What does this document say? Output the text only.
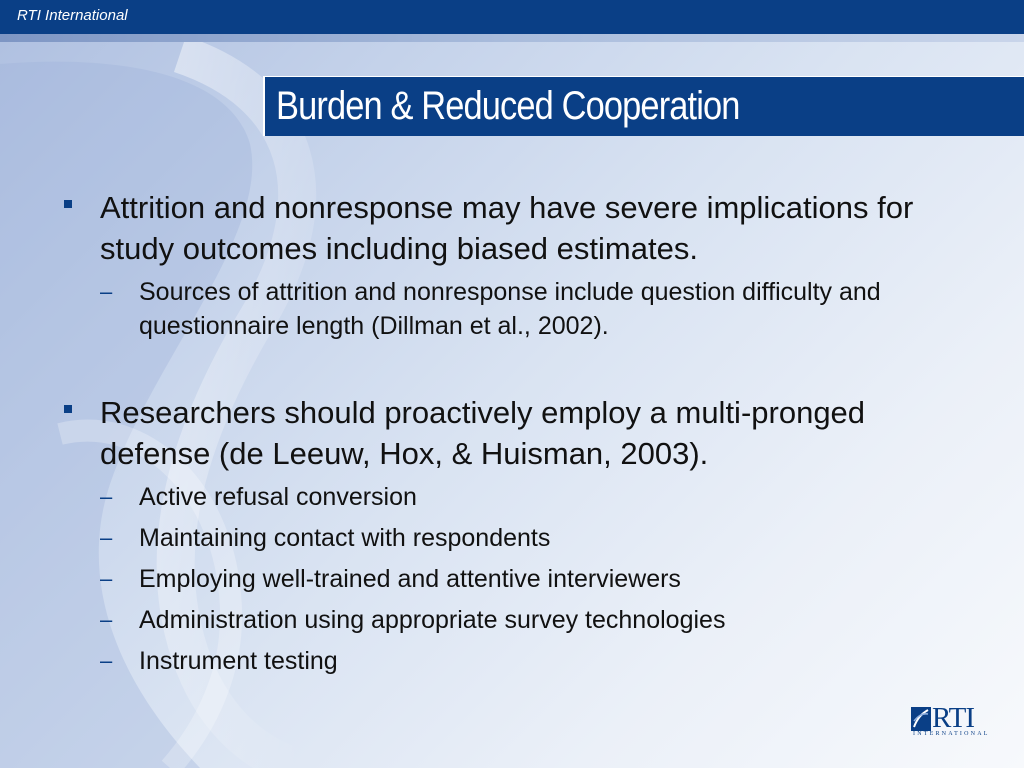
RTI International
Burden & Reduced Cooperation
Attrition and nonresponse may have severe implications for study outcomes including biased estimates.
– Sources of attrition and nonresponse include question difficulty and questionnaire length (Dillman et al., 2002).
Researchers should proactively employ a multi-pronged defense (de Leeuw, Hox, & Huisman, 2003).
– Active refusal conversion
– Maintaining contact with respondents
– Employing well-trained and attentive interviewers
– Administration using appropriate survey technologies
– Instrument testing
RTI
INTERNATIONAL
